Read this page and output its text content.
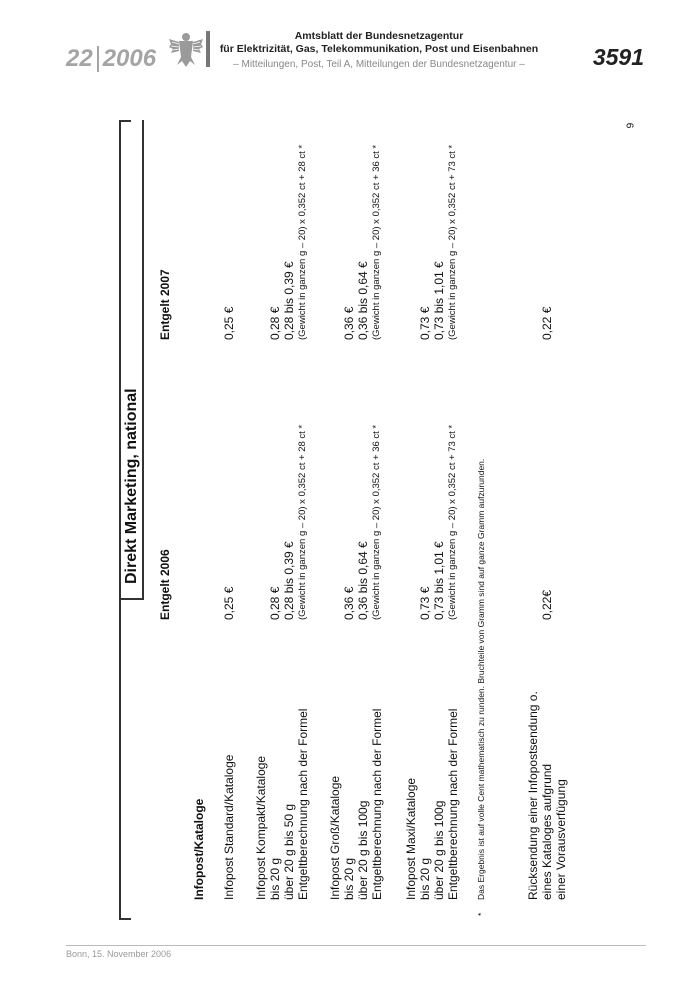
22 2006
Amtsblatt der Bundesnetzagentur
für Elektrizität, Gas, Telekommunikation, Post und Eisenbahnen
– Mitteilungen, Post, Teil A, Mitteilungen der Bundesnetzagentur –	3591
6
Direkt Marketing, national
Entgelt 2006
Entgelt 2007
Infopost/Kataloge Infopost Standard/Kataloge
0,25 €
0,25 €
Infopost Kompakt/Kataloge bis 20 g über 20 g bis 50 g Entgeltberechnung nach der Formel
0,28 € 0,28 bis 0,39 € (Gewicht in ganzen g – 20) x 0,352 ct + 28 ct *
0,28 € 0,28 bis 0,39 € (Gewicht in ganzen g – 20) x 0,352 ct + 28 ct *
Infopost Groß/Kataloge bis 20 g über 20 g bis 100g Entgeltberechnung nach der Formel
0,36 € 0,36 bis 0,64 € (Gewicht in ganzen g – 20) x 0,352 ct + 36 ct *
0,36 € 0,36 bis 0,64 € (Gewicht in ganzen g – 20) x 0,352 ct + 36 ct *
Infopost Maxi/Kataloge bis 20 g über 20 g bis 100g Entgeltberechnung nach der Formel
0,73 € 0,73 bis 1,01 € (Gewicht in ganzen g – 20) x 0,352 ct + 73 ct *
0,73 € 0,73 bis 1,01 € (Gewicht in ganzen g – 20) x 0,352 ct + 73 ct *
*
Das Ergebnis ist auf volle Cent mathematisch zu runden. Bruchteile von Gramm sind auf ganze Gramm aufzurunden.	Rücksendung einer Infopostsendung o. eines Kataloges aufgrund einer Vorausverfügung
0,22€
0,22 €
Bonn, 15. November 2006
